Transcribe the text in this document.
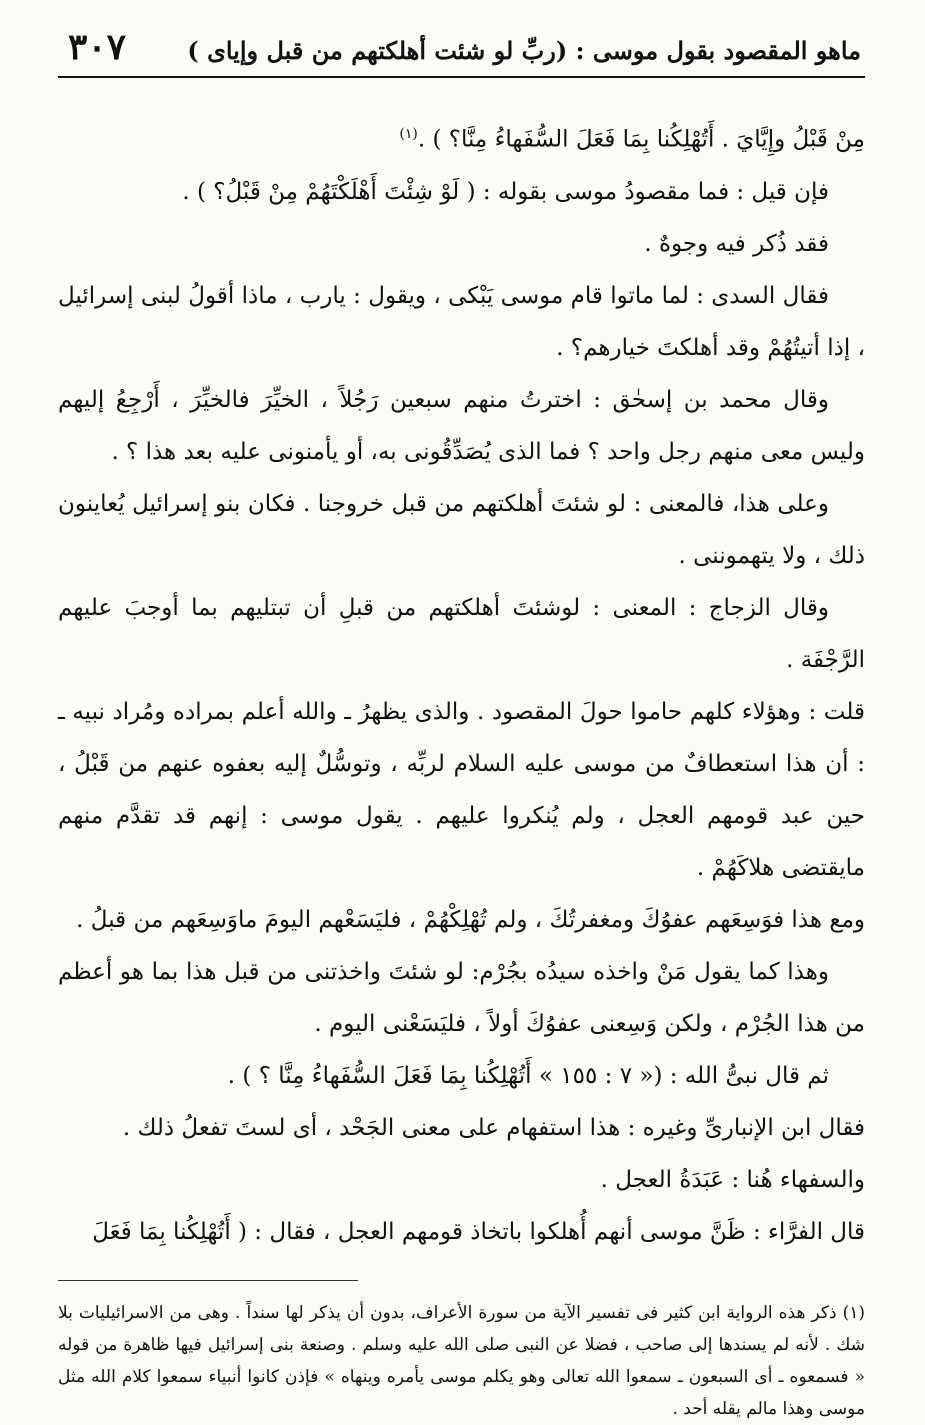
ماهو المقصود بقول موسى : (ربِّ لو شئت أهلكتهم من قبل وإياى )
٣٠٧

مِنْ قَبْلُ وإِيَّايَ . أَتُهْلِكُنا بِمَا فَعَلَ السُّفَهاءُ مِنَّا؟ ) .$^{(١)}$

فإن قيل : فما مقصودُ موسى بقوله : ( لَوْ شِئْتَ أَهْلَكْتَهُمْ مِنْ قَبْلُ؟ ) .

فقد ذُكر فيه وجوهٌ .

فقال السدى : لما ماتوا قام موسى يَبْكى ، ويقول : يارب ، ماذا أقولُ لبنى إسرائيل ، إذا أتيتُهُمْ وقد أهلكتَ خيارهم؟ .

وقال محمد بن إسحٰق : اخترتُ منهم سبعين رَجُلاً ، الخيِّرَ فالخيِّرَ ، أَرْجِعُ إليهم وليس معى منهم رجل واحد ؟ فما الذى يُصَدِّقُونى به، أو يأمنونى عليه بعد هذا ؟ .

وعلى هذا، فالمعنى : لو شئتَ أهلكتهم من قبل خروجنا . فكان بنو إسرائيل يُعاينون ذلك ، ولا يتهموننى .

وقال الزجاج : المعنى : لوشئتَ أهلكتهم من قبلِ أن تبتليهم بما أوجبَ عليهم الرَّجْفَة .

قلت : وهؤلاء كلهم حاموا حولَ المقصود . والذى يظهرُ ـ والله أعلم بمراده ومُراد نبيه ـ : أن هذا استعطافٌ من موسى عليه السلام لربِّه ، وتوسُّلٌ إليه بعفوه عنهم من قَبْلُ ، حين عبد قومهم العجل ، ولم يُنكروا عليهم . يقول موسى : إنهم قد تقدَّم منهم مايقتضى هلاكَهُمْ .

ومع هذا فوَسِعَهم عفوُكَ ومغفرتُكَ ، ولم تُهْلِكْهُمْ ، فليَسَعْهم اليومَ ماوَسِعَهم من قبلُ .

وهذا كما يقول مَنْ واخذه سيدُه بجُرْم: لو شئتَ واخذتنى من قبل هذا بما هو أعظم من هذا الجُرْم ، ولكن وَسِعنى عفوُكَ أولاً ، فليَسَعْنى اليوم .

ثم قال نبىُّ الله : (« ٧ : ١٥٥ » أَتُهْلِكُنا بِمَا فَعَلَ السُّفَهاءُ مِنَّا ؟ ) .

فقال ابن الإنبارىِّ وغيره : هذا استفهام على معنى الجَحْد ، أى لستَ تفعلُ ذلك .

والسفهاء هُنا : عَبَدَةُ العجل .

قال الفرَّاء : ظَنَّ موسى أنهم أُهلكوا باتخاذ قومهم العجل ، فقال : ( أَتُهْلِكُنا بِمَا فَعَلَ

(١) ذكر هذه الرواية ابن كثير فى تفسير الآية من سورة الأعراف، بدون أن يذكر لها سنداً . وهى من الاسرائيليات بلا شك . لأنه لم يسندها إلى صاحب ، فضلا عن النبى صلى الله عليه وسلم . وصنعة بنى إسرائيل فيها ظاهرة من قوله « فسمعوه ـ أى السبعون ـ سمعوا الله تعالى وهو يكلم موسى يأمره وينهاه » فإذن كانوا أنبياء سمعوا كلام الله مثل موسى وهذا مالم يقله أحد .
